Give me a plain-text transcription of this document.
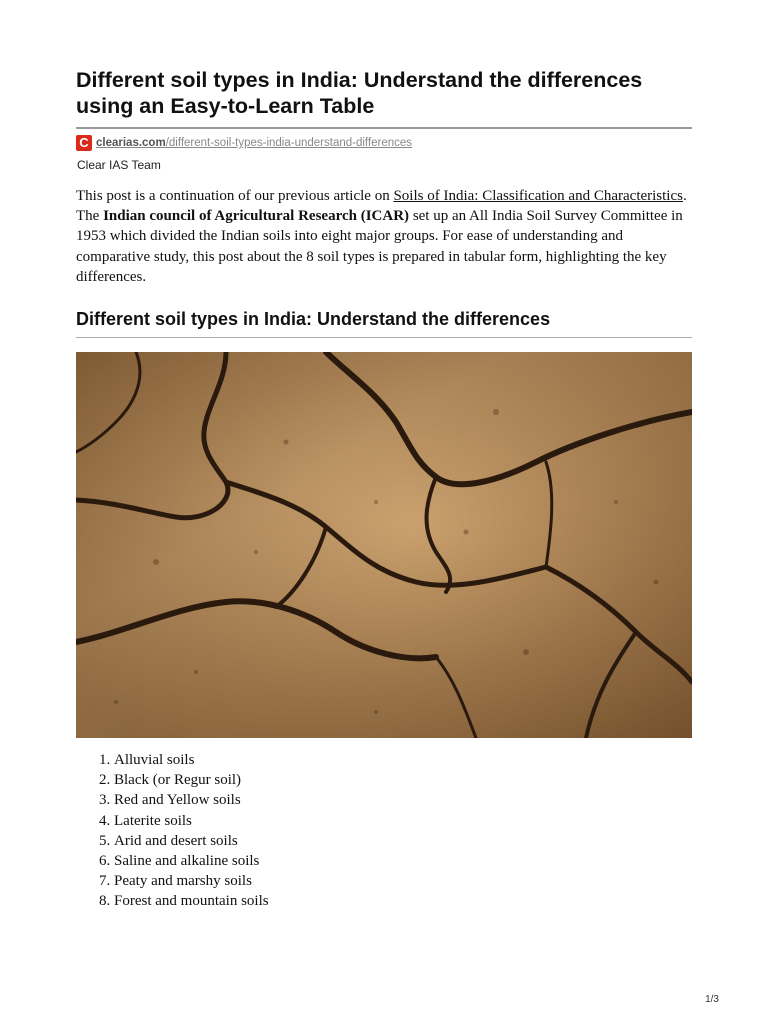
Different soil types in India: Understand the differences using an Easy-to-Learn Table
C clearias.com/different-soil-types-india-understand-differences
Clear IAS Team

This post is a continuation of our previous article on Soils of India: Classification and Characteristics. The Indian council of Agricultural Research (ICAR) set up an All India Soil Survey Committee in 1953 which divided the Indian soils into eight major groups. For ease of understanding and comparative study, this post about the 8 soil types is prepared in tabular form, highlighting the key differences.

Different soil types in India: Understand the differences
1. Alluvial soils
2. Black (or Regur soil)
3. Red and Yellow soils
4. Laterite soils
5. Arid and desert soils
6. Saline and alkaline soils
7. Peaty and marshy soils
8. Forest and mountain soils
1/3
